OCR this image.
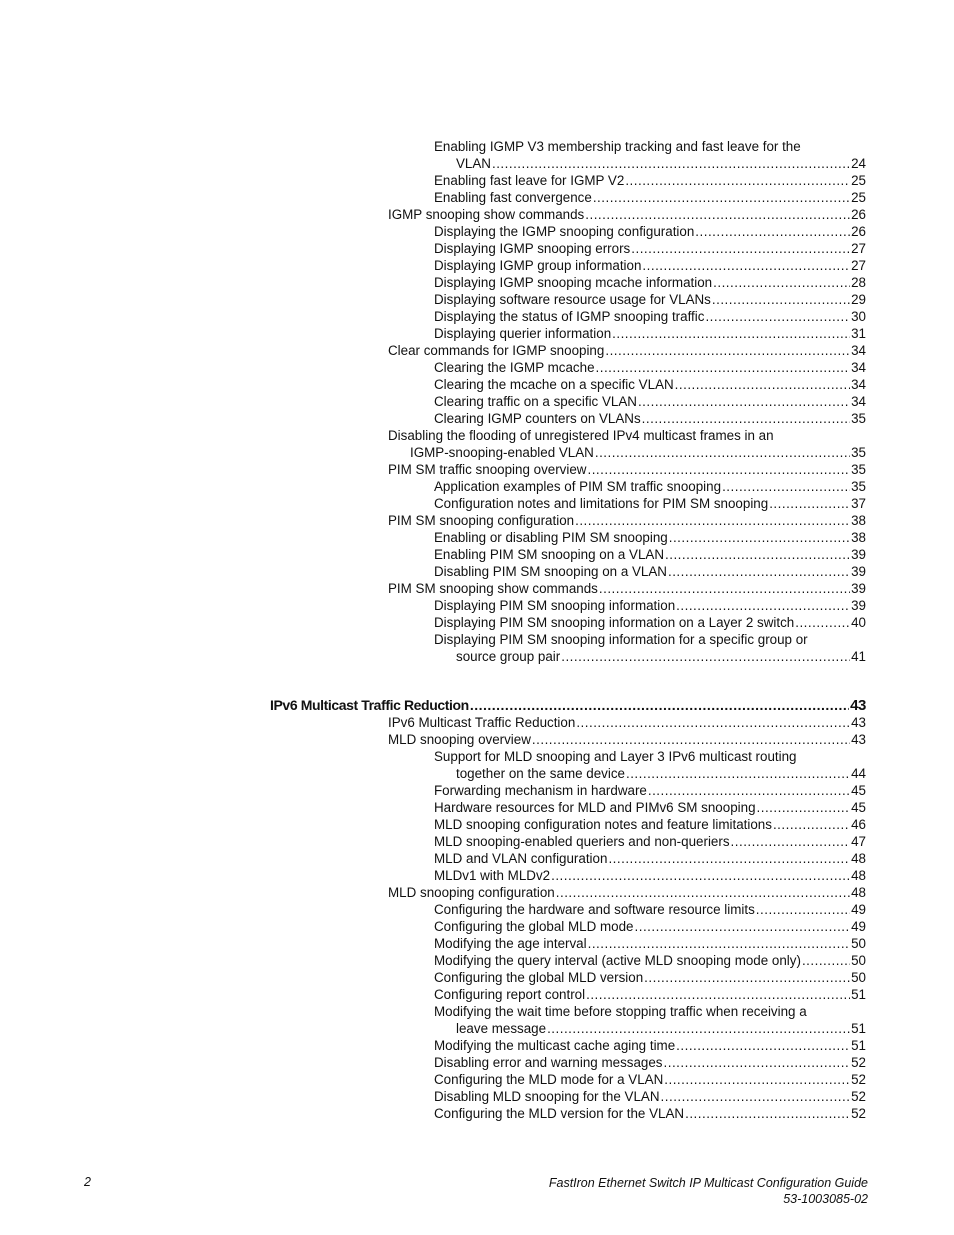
Enabling IGMP V3 membership tracking and fast leave for the
VLAN .....	24
Enabling fast leave for IGMP V2 .....	25
Enabling fast convergence .....	25
IGMP snooping show commands .....	26
Displaying the IGMP snooping configuration .....	26
Displaying IGMP snooping errors .....	27
Displaying IGMP group information .....	27
Displaying IGMP snooping mcache information .....	28
Displaying software resource usage for VLANs .....	29
Displaying the status of IGMP snooping traffic .....	30
Displaying querier information .....	31
Clear commands for IGMP snooping .....	34
Clearing the IGMP mcache .....	34
Clearing the mcache on a specific VLAN .....	34
Clearing traffic on a specific VLAN .....	34
Clearing IGMP counters on VLANs .....	35
Disabling the flooding of unregistered IPv4 multicast frames in an
IGMP-snooping-enabled VLAN .....	35
PIM SM traffic snooping overview .....	35
Application examples of PIM SM traffic snooping .....	35
Configuration notes and limitations for PIM SM snooping .....	37
PIM SM snooping configuration .....	38
Enabling or disabling PIM SM snooping .....	38
Enabling PIM SM snooping on a VLAN .....	39
Disabling PIM SM snooping on a VLAN .....	39
PIM SM snooping show commands .....	39
Displaying PIM SM snooping information .....	39
Displaying PIM SM snooping information on a Layer 2 switch .....	40
Displaying PIM SM snooping information for a specific group or
source group pair .....	41
IPv6 Multicast Traffic Reduction .....	43
IPv6 Multicast Traffic Reduction .....	43
MLD snooping overview .....	43
Support for MLD snooping and Layer 3 IPv6 multicast routing
together on the same device .....	44
Forwarding mechanism in hardware .....	45
Hardware resources for MLD and PIMv6 SM snooping .....	45
MLD snooping configuration notes and feature limitations .....	46
MLD snooping-enabled queriers and non-queriers .....	47
MLD and VLAN configuration .....	48
MLDv1 with MLDv2 .....	48
MLD snooping configuration .....	48
Configuring the hardware and software resource limits .....	49
Configuring the global MLD mode .....	49
Modifying the age interval .....	50
Modifying the query interval (active MLD snooping mode only) .....	50
Configuring the global MLD version .....	50
Configuring report control .....	51
Modifying the wait time before stopping traffic when receiving a
leave message .....	51
Modifying the multicast cache aging time .....	51
Disabling error and warning messages .....	52
Configuring the MLD mode for a VLAN .....	52
Disabling MLD snooping for the VLAN .....	52
Configuring the MLD version for the VLAN .....	52
2	FastIron Ethernet Switch IP Multicast Configuration Guide
53-1003085-02
